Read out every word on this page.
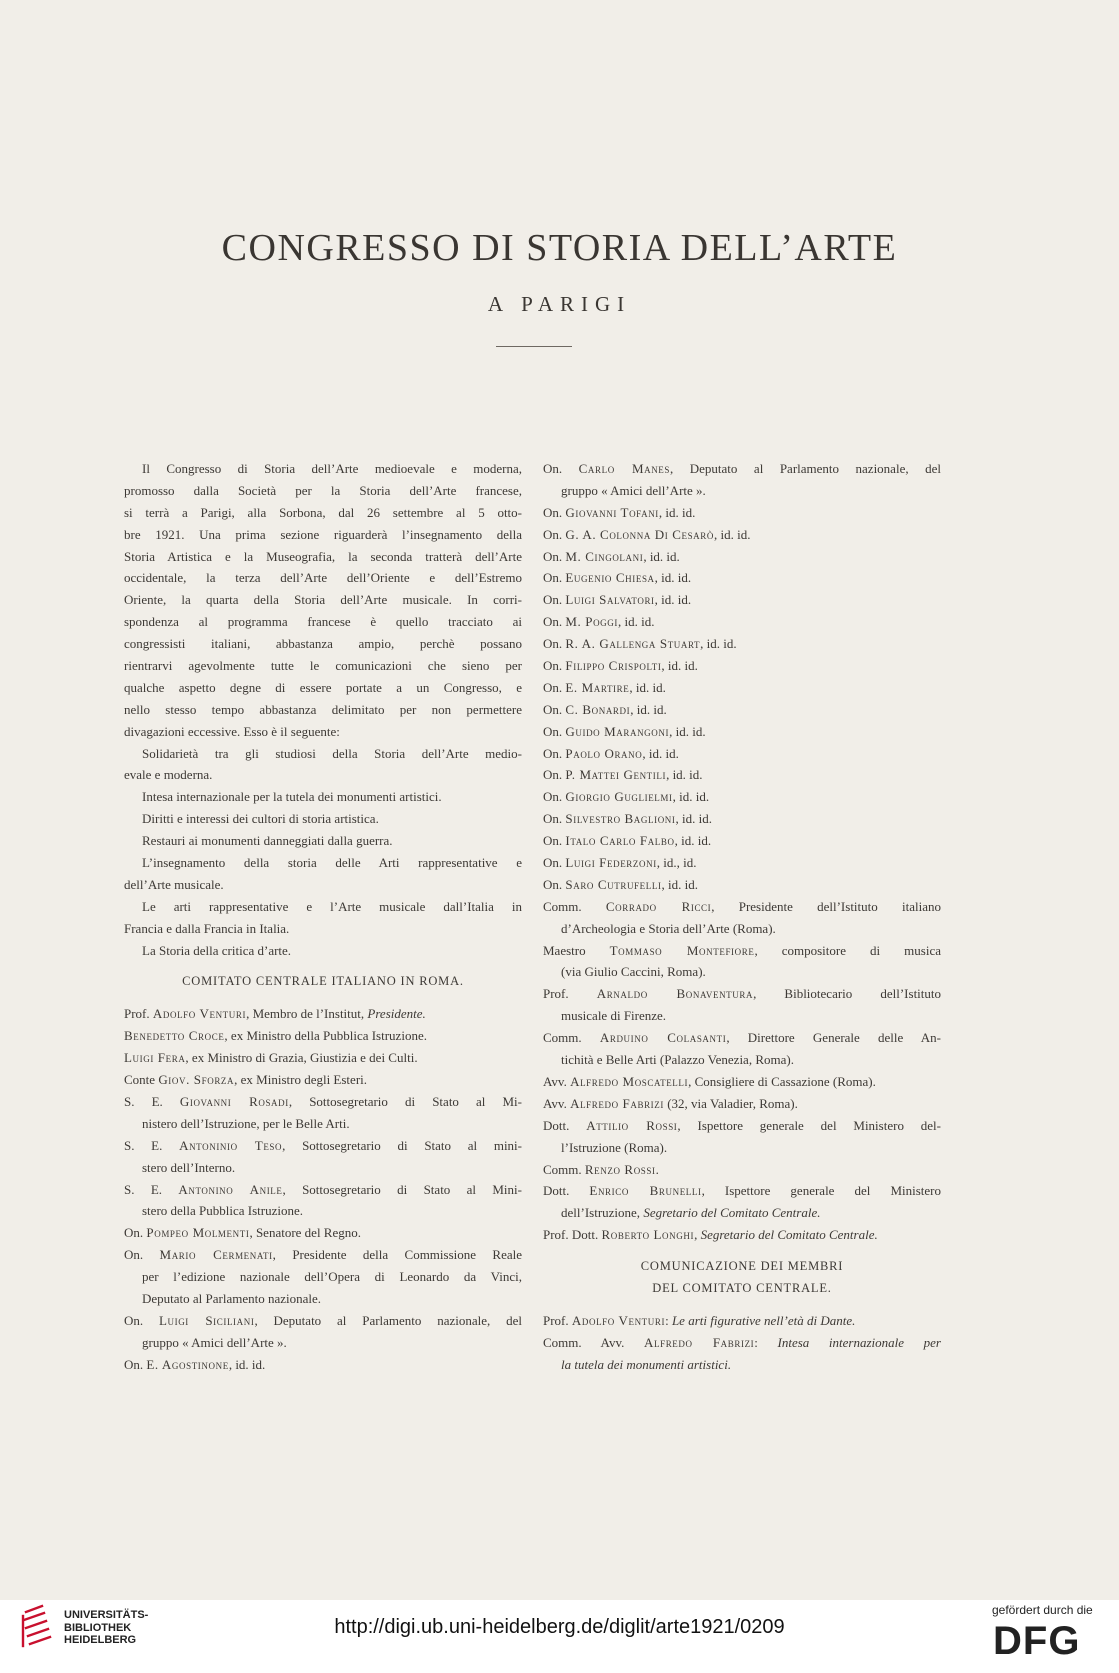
CONGRESSO DI STORIA DELL’ARTE
A PARIGI
Il Congresso di Storia dell’Arte medioevale e moderna,
promosso dalla Società per la Storia dell’Arte francese,
si terrà a Parigi, alla Sorbona, dal 26 settembre al 5 otto-
bre 1921. Una prima sezione riguarderà l’insegnamento della
Storia Artistica e la Museografia, la seconda tratterà dell’Arte
occidentale, la terza dell’Arte dell’Oriente e dell’Estremo
Oriente, la quarta della Storia dell’Arte musicale. In corri-
spondenza al programma francese è quello tracciato ai
congressisti italiani, abbastanza ampio, perchè possano
rientrarvi agevolmente tutte le comunicazioni che sieno per
qualche aspetto degne di essere portate a un Congresso, e
nello stesso tempo abbastanza delimitato per non permettere
divagazioni eccessive. Esso è il seguente:
Solidarietà tra gli studiosi della Storia dell’Arte medio-
evale e moderna.
Intesa internazionale per la tutela dei monumenti artistici.
Diritti e interessi dei cultori di storia artistica.
Restauri ai monumenti danneggiati dalla guerra.
L’insegnamento della storia delle Arti rappresentative e
dell’Arte musicale.
Le arti rappresentative e l’Arte musicale dall’Italia in
Francia e dalla Francia in Italia.
La Storia della critica d’arte.
COMITATO CENTRALE ITALIANO IN ROMA.
Prof. Adolfo Venturi, Membro de l’Institut, Presidente.
Benedetto Croce, ex Ministro della Pubblica Istruzione.
Luigi Fera, ex Ministro di Grazia, Giustizia e dei Culti.
Conte Giov. Sforza, ex Ministro degli Esteri.
S. E. Giovanni Rosadi, Sottosegretario di Stato al Mi-
nistero dell’Istruzione, per le Belle Arti.
S. E. Antoninio Teso, Sottosegretario di Stato al mini-
stero dell’Interno.
S. E. Antonino Anile, Sottosegretario di Stato al Mini-
stero della Pubblica Istruzione.
On. Pompeo Molmenti, Senatore del Regno.
On. Mario Cermenati, Presidente della Commissione Reale
per l’edizione nazionale dell’Opera di Leonardo da Vinci,
Deputato al Parlamento nazionale.
On. Luigi Siciliani, Deputato al Parlamento nazionale, del
gruppo « Amici dell’Arte ».
On. E. Agostinone, id. id.
On. Carlo Manes, Deputato al Parlamento nazionale, del
gruppo « Amici dell’Arte ».
On. Giovanni Tofani, id. id.
On. G. A. Colonna Di Cesarò, id. id.
On. M. Cingolani, id. id.
On. Eugenio Chiesa, id. id.
On. Luigi Salvatori, id. id.
On. M. Poggi, id. id.
On. R. A. Gallenga Stuart, id. id.
On. Filippo Crispolti, id. id.
On. E. Martire, id. id.
On. C. Bonardi, id. id.
On. Guido Marangoni, id. id.
On. Paolo Orano, id. id.
On. P. Mattei Gentili, id. id.
On. Giorgio Guglielmi, id. id.
On. Silvestro Baglioni, id. id.
On. Italo Carlo Falbo, id. id.
On. Luigi Federzoni, id., id.
On. Saro Cutrufelli, id. id.
Comm. Corrado Ricci, Presidente dell’Istituto italiano
d’Archeologia e Storia dell’Arte (Roma).
Maestro Tommaso Montefiore, compositore di musica
(via Giulio Caccini, Roma).
Prof. Arnaldo Bonaventura, Bibliotecario dell’Istituto
musicale di Firenze.
Comm. Arduino Colasanti, Direttore Generale delle An-
tichità e Belle Arti (Palazzo Venezia, Roma).
Avv. Alfredo Moscatelli, Consigliere di Cassazione (Roma).
Avv. Alfredo Fabrizi (32, via Valadier, Roma).
Dott. Attilio Rossi, Ispettore generale del Ministero del-
l’Istruzione (Roma).
Comm. Renzo Rossi.
Dott. Enrico Brunelli, Ispettore generale del Ministero
dell’Istruzione, Segretario del Comitato Centrale.
Prof. Dott. Roberto Longhi, Segretario del Comitato Centrale.
COMUNICAZIONE DEI MEMBRI
DEL COMITATO CENTRALE.
Prof. Adolfo Venturi: Le arti figurative nell’età di Dante.
Comm. Avv. Alfredo Fabrizi: Intesa internazionale per
la tutela dei monumenti artistici.
UNIVERSITÄTS-
BIBLIOTHEK
HEIDELBERG
http://digi.ub.uni-heidelberg.de/diglit/arte1921/0209
gefördert durch die
DFG
